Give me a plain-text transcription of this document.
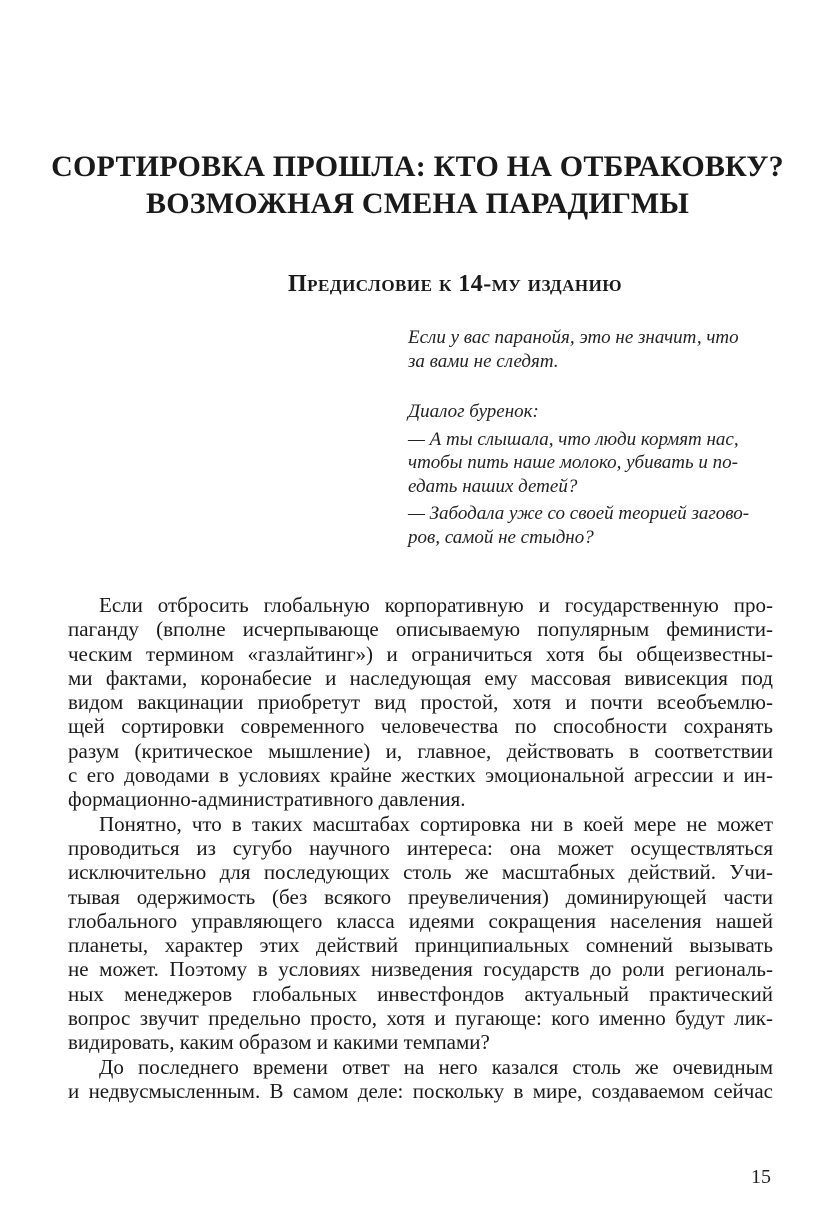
СОРТИРОВКА ПРОШЛА: КТО НА ОТБРАКОВКУ?
ВОЗМОЖНАЯ СМЕНА ПАРАДИГМЫ
Предисловие к 14-му изданию
Если у вас паранойя, это не значит, что
за вами не следят.
Диалог буренок:
— А ты слышала, что люди кормят нас,
чтобы пить наше молоко, убивать и по-
едать наших детей?
— Забодала уже со своей теорией загово-
ров, самой не стыдно?
Если отбросить глобальную корпоративную и государственную про-
паганду (вполне исчерпывающе описываемую популярным феминисти-
ческим термином «газлайтинг») и ограничиться хотя бы общеизвестны-
ми фактами, коронабесие и наследующая ему массовая вивисекция под
видом вакцинации приобретут вид простой, хотя и почти всеобъемлю-
щей сортировки современного человечества по способности сохранять
разум (критическое мышление) и, главное, действовать в соответствии
с его доводами в условиях крайне жестких эмоциональной агрессии и ин-
формационно-административного давления.
Понятно, что в таких масштабах сортировка ни в коей мере не может
проводиться из сугубо научного интереса: она может осуществляться
исключительно для последующих столь же масштабных действий. Учи-
тывая одержимость (без всякого преувеличения) доминирующей части
глобального управляющего класса идеями сокращения населения нашей
планеты, характер этих действий принципиальных сомнений вызывать
не может. Поэтому в условиях низведения государств до роли региональ-
ных менеджеров глобальных инвестфондов актуальный практический
вопрос звучит предельно просто, хотя и пугающе: кого именно будут лик-
видировать, каким образом и какими темпами?
До последнего времени ответ на него казался столь же очевидным
и недвусмысленным. В самом деле: поскольку в мире, создаваемом сейчас
15
